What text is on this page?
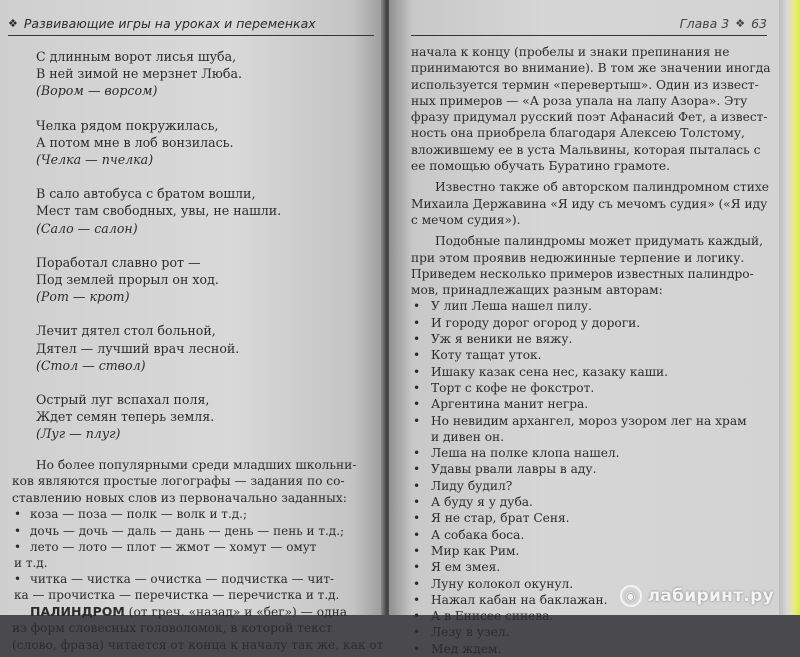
❖ Развивающие игры на уроках и переменках
С длинным ворот лисья шуба,
В ней зимой не мерзнет Люба.
(Вором — ворсом)
Челка рядом покружилась,
А потом мне в лоб вонзилась.
(Челка — пчелка)
В сало автобуса с братом вошли,
Мест там свободных, увы, не нашли.
(Сало — салон)
Поработал славно рот —
Под землей прорыл он ход.
(Рот — крот)
Лечит дятел стол больной,
Дятел — лучший врач лесной.
(Стол — ствол)
Острый луг вспахал поля,
Ждет семян теперь земля.
(Луг — плуг)
Но более популярными среди младших школьни-
ков являются простые логографы — задания по со-
ставлению новых слов из первоначально заданных:
• коза — поза — полк — волк и т.д.;
• дочь — дочь — даль — дань — день — пень и т.д.;
• лето — лото — плот — жмот — хомут — омут
и т.д.
• читка — чистка — очистка — подчистка — чит-
ка — прочистка — перечистка — перечистка и т.д.
ПАЛИНДРОМ (от греч. «назад» и «бег») — одна
из форм словесных головоломок, в которой текст
(слово, фраза) читается от конца к началу так же, как от
Глава 3 ❖ 63
начала к концу (пробелы и знаки препинания не
принимаются во внимание). В том же значении иногда
используется термин «перевертыш». Один из извест-
ных примеров — «А роза упала на лапу Азора». Эту
фразу придумал русский поэт Афанасий Фет, а извест-
ность она приобрела благодаря Алексею Толстому,
вложившему ее в уста Мальвины, которая пыталась с
ее помощью обучать Буратино грамоте.
Известно также об авторском палиндромном стихе
Михаила Державина «Я иду съ мечомъ судия» («Я иду
с мечом судия»).
Подобные палиндромы может придумать каждый,
при этом проявив недюжинные терпение и логику.
Приведем несколько примеров известных палиндро-
мов, принадлежащих разным авторам:
• У лип Леша нашел пилу.
• И городу дорог огород у дороги.
• Уж я веники не вяжу.
• Коту тащат уток.
• Ишаку казак сена нес, казаку каши.
• Торт с кофе не фокстрот.
• Аргентина манит негра.
• Но невидим архангел, мороз узором лег на храм
и дивен он.
• Леша на полке клопа нашел.
• Удавы рвали лавры в аду.
• Лиду будил?
• А буду я у дуба.
• Я не стар, брат Сеня.
• А собака боса.
• Мир как Рим.
• Я ем змея.
• Луну колокол окунул.
• Нажал кабан на баклажан.
• А в Енисее синева.
• Лезу в узел.
• Мед ждем.
◉ лабиринт.ру
